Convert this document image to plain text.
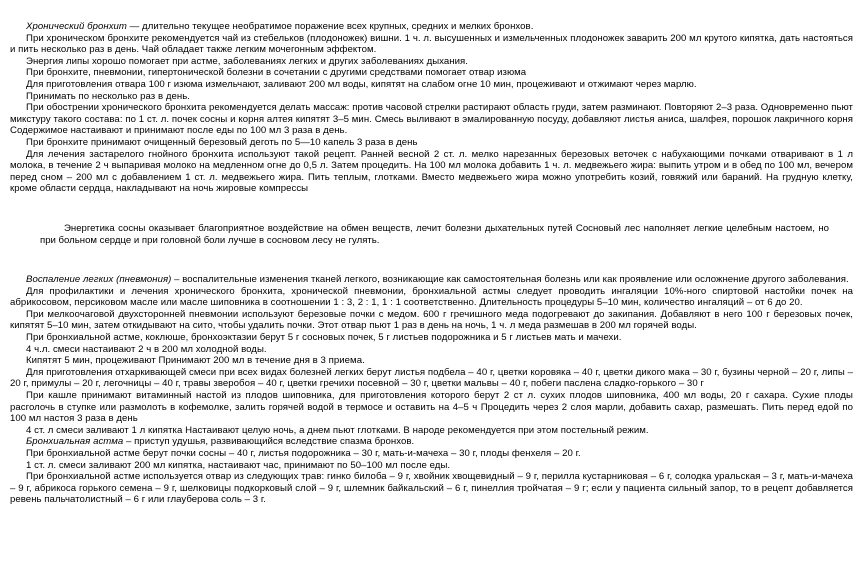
Хронический бронхит — длительно текущее необратимое поражение всех крупных, средних и мелких бронхов.

При хроническом бронхите рекомендуется чай из стебельков (плодоножек) вишни. 1 ч. л. высушенных и измельченных плодоножек заварить 200 мл крутого кипятка, дать настояться и пить несколько раз в день. Чай обладает также легким мочегонным эффектом.

Энергия липы хорошо помогает при астме, заболеваниях легких и других заболеваниях дыхания.

При бронхите, пневмонии, гипертонической болезни в сочетании с другими средствами помогает отвар изюма

Для приготовления отвара 100 г изюма измельчают, заливают 200 мл воды, кипятят на слабом огне 10 мин, процеживают и отжимают через марлю.

Принимать по несколько раз в день.

При обострении хронического бронхита рекомендуется делать массаж: против часовой стрелки растирают область груди, затем разминают. Повторяют 2–3 раза. Одновременно пьют микстуру такого состава: по 1 ст. л. почек сосны и корня алтея кипятят 3–5 мин. Смесь выливают в эмалированную посуду, добавляют листья аниса, шалфея, порошок лакричного корня Содержимое настаивают и принимают после еды по 100 мл 3 раза в день.

При бронхите принимают очищенный березовый деготь по 5—10 капель 3 раза в день

Для лечения застарелого гнойного бронхита используют такой рецепт. Ранней весной 2 ст. л. мелко нарезанных березовых веточек с набухающими почками отваривают в 1 л молока, в течение 2 ч выпаривая молоко на медленном огне до 0,5 л. Затем процедить. На 100 мл молока добавить 1 ч. л. медвежьего жира: выпить утром и в обед по 100 мл, вечером перед сном – 200 мл с добавлением 1 ст. л. медвежьего жира. Пить теплым, глотками. Вместо медвежьего жира можно употребить козий, говяжий или бараний. На грудную клетку, кроме области сердца, накладывают на ночь жировые компрессы

Энергетика сосны оказывает благоприятное воздействие на обмен веществ, лечит болезни дыхательных путей Сосновый лес наполняет легкие целебным настоем, но при больном сердце и при головной боли лучше в сосновом лесу не гулять.

Воспаление легких (пневмония) – воспалительные изменения тканей легкого, возникающие как самостоятельная болезнь или как проявление или осложнение другого заболевания.

Для профилактики и лечения хронического бронхита, хронической пневмонии, бронхиальной астмы следует проводить ингаляции 10%-ного спиртовой настойки почек на абрикосовом, персиковом масле или масле шиповника в соотношении 1 : 3, 2 : 1, 1 : 1 соответственно. Длительность процедуры 5–10 мин, количество ингаляций – от 6 до 20.

При мелкоочаговой двухсторонней пневмонии используют березовые почки с медом. 600 г гречишного меда подогревают до закипания. Добавляют в него 100 г березовых почек, кипятят 5–10 мин, затем откидывают на сито, чтобы удалить почки. Этот отвар пьют 1 раз в день на ночь, 1 ч. л меда размешав в 200 мл горячей воды.

При бронхиальной астме, коклюше, бронхоэктазии берут 5 г сосновых почек, 5 г листьев подорожника и 5 г листьев мать и мачехи.

4 ч.л. смеси настаивают 2 ч в 200 мл холодной воды.

Кипятят 5 мин, процеживают Принимают 200 мл в течение дня в 3 приема.

Для приготовления отхаркивающей смеси при всех видах болезней легких берут листья подбела – 40 г, цветки коровяка – 40 г, цветки дикого мака – 30 г, бузины черной – 20 г, липы – 20 г, примулы – 20 г, легочницы – 40 г, травы зверобоя – 40 г, цветки гречихи посевной – 30 г, цветки мальвы – 40 г, побеги паслена сладко-горького – 30 г

При кашле принимают витаминный настой из плодов шиповника, для приготовления которого берут 2 ст л. сухих плодов шиповника, 400 мл воды, 20 г сахара. Сухие плоды расголочь в ступке или размолоть в кофемолке, залить горячей водой в термосе и оставить на 4–5 ч Процедить через 2 слоя марли, добавить сахар, размешать. Пить перед едой по 100 мл настоя 3 раза в день

4 ст. л смеси заливают 1 л кипятка Настаивают целую ночь, а днем пьют глотками. В народе рекомендуется при этом постельный режим.

Бронхиальная астма – приступ удушья, развивающийся вследствие спазма бронхов.

При бронхиальной астме берут почки сосны – 40 г, листья подорожника – 30 г, мать-и-мачеха – 30 г, плоды фенхеля – 20 г.

1 ст. л. смеси заливают 200 мл кипятка, настаивают час, принимают по 50–100 мл после еды.

При бронхиальной астме используется отвар из следующих трав: гинко билоба – 9 г, хвойник хвощевидный – 9 г, перилла кустарниковая – 6 г, солодка уральская – 3 г, мать-и-мачеха – 9 г, абрикоса горького семена – 9 г, шелковицы подкорковый слой – 9 г, шлемник байкальский – 6 г, пинеллия тройчатая – 9 г; если у пациента сильный запор, то в рецепт добавляется ревень пальчатолистный – 6 г или глауберова соль – 3 г.
